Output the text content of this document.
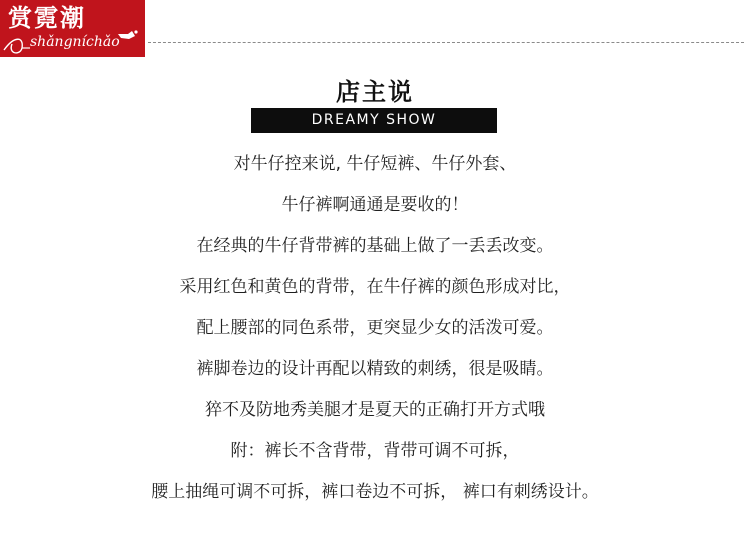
赏霓潮
shǎngníchǎo
店主说
DREAMY SHOW
对牛仔控来说, 牛仔短裤、牛仔外套、
牛仔裤啊通通是要收的！
在经典的牛仔背带裤的基础上做了一丢丢改变。
采用红色和黄色的背带，在牛仔裤的颜色形成对比，
配上腰部的同色系带，更突显少女的活泼可爱。
裤脚卷边的设计再配以精致的刺绣，很是吸睛。
猝不及防地秀美腿才是夏天的正确打开方式哦
附：裤长不含背带，背带可调不可拆，
腰上抽绳可调不可拆，裤口卷边不可拆， 裤口有刺绣设计。
